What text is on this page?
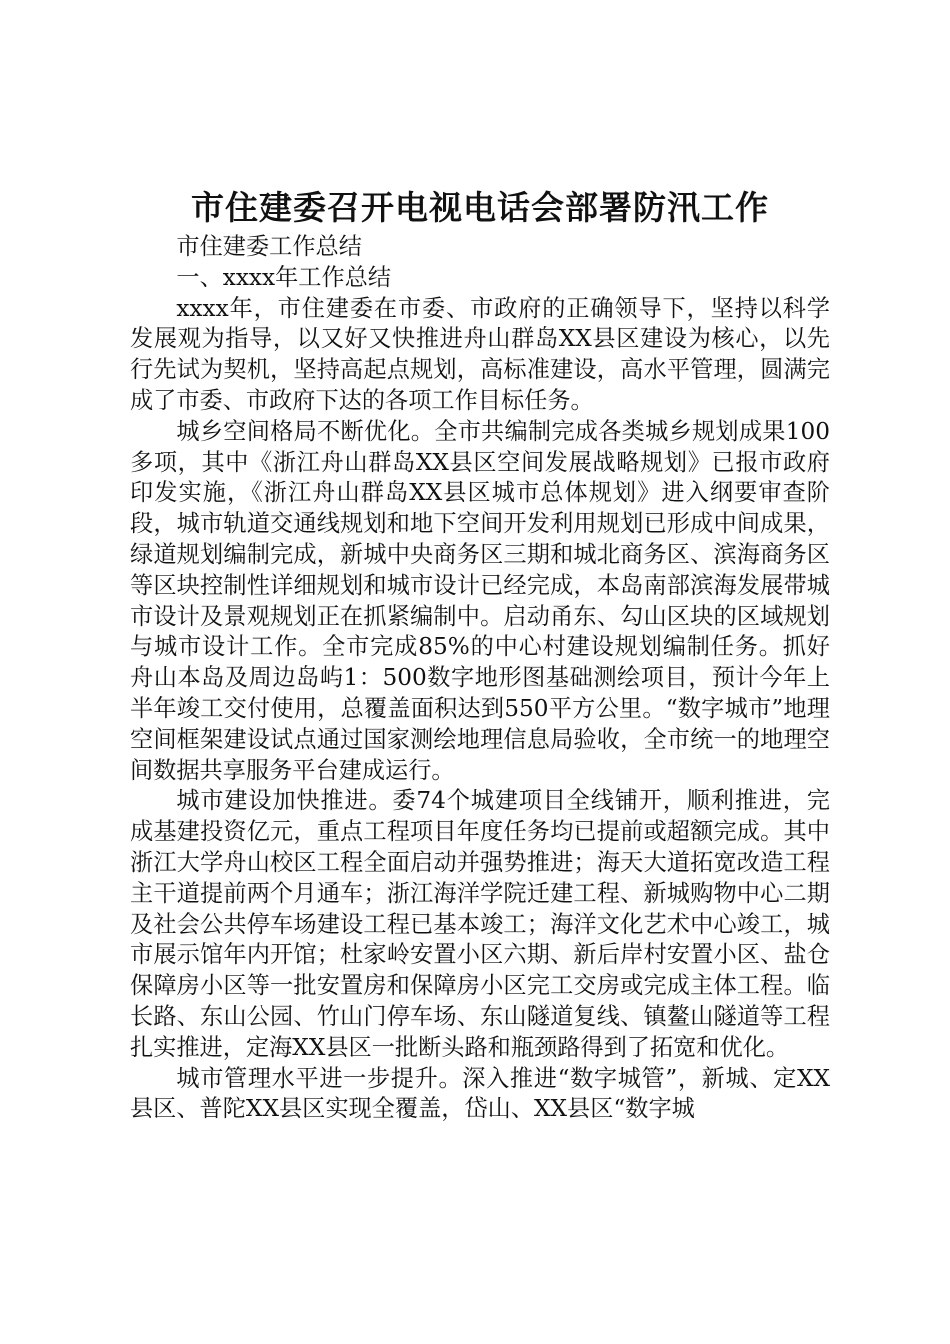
市住建委召开电视电话会部署防汛工作

市住建委工作总结

一、xxxx年工作总结

xxxx年，市住建委在市委、市政府的正确领导下，坚持以科学发展观为指导，以又好又快推进舟山群岛XX县区建设为核心，以先行先试为契机，坚持高起点规划，高标准建设，高水平管理，圆满完成了市委、市政府下达的各项工作目标任务。

城乡空间格局不断优化。全市共编制完成各类城乡规划成果100多项，其中《浙江舟山群岛XX县区空间发展战略规划》已报市政府印发实施，《浙江舟山群岛XX县区城市总体规划》进入纲要审查阶段，城市轨道交通线规划和地下空间开发利用规划已形成中间成果，绿道规划编制完成，新城中央商务区三期和城北商务区、滨海商务区等区块控制性详细规划和城市设计已经完成，本岛南部滨海发展带城市设计及景观规划正在抓紧编制中。启动甬东、勾山区块的区域规划与城市设计工作。全市完成85%的中心村建设规划编制任务。抓好舟山本岛及周边岛屿1：500数字地形图基础测绘项目，预计今年上半年竣工交付使用，总覆盖面积达到550平方公里。“数字城市”地理空间框架建设试点通过国家测绘地理信息局验收，全市统一的地理空间数据共享服务平台建成运行。

城市建设加快推进。委74个城建项目全线铺开，顺利推进，完成基建投资亿元，重点工程项目年度任务均已提前或超额完成。其中浙江大学舟山校区工程全面启动并强势推进；海天大道拓宽改造工程主干道提前两个月通车；浙江海洋学院迁建工程、新城购物中心二期及社会公共停车场建设工程已基本竣工；海洋文化艺术中心竣工，城市展示馆年内开馆；杜家岭安置小区六期、新后岸村安置小区、盐仓保障房小区等一批安置房和保障房小区完工交房或完成主体工程。临长路、东山公园、竹山门停车场、东山隧道复线、镇鳌山隧道等工程扎实推进，定海XX县区一批断头路和瓶颈路得到了拓宽和优化。

城市管理水平进一步提升。深入推进“数字城管”，新城、定XX县区、普陀XX县区实现全覆盖，岱山、XX县区“数字城
